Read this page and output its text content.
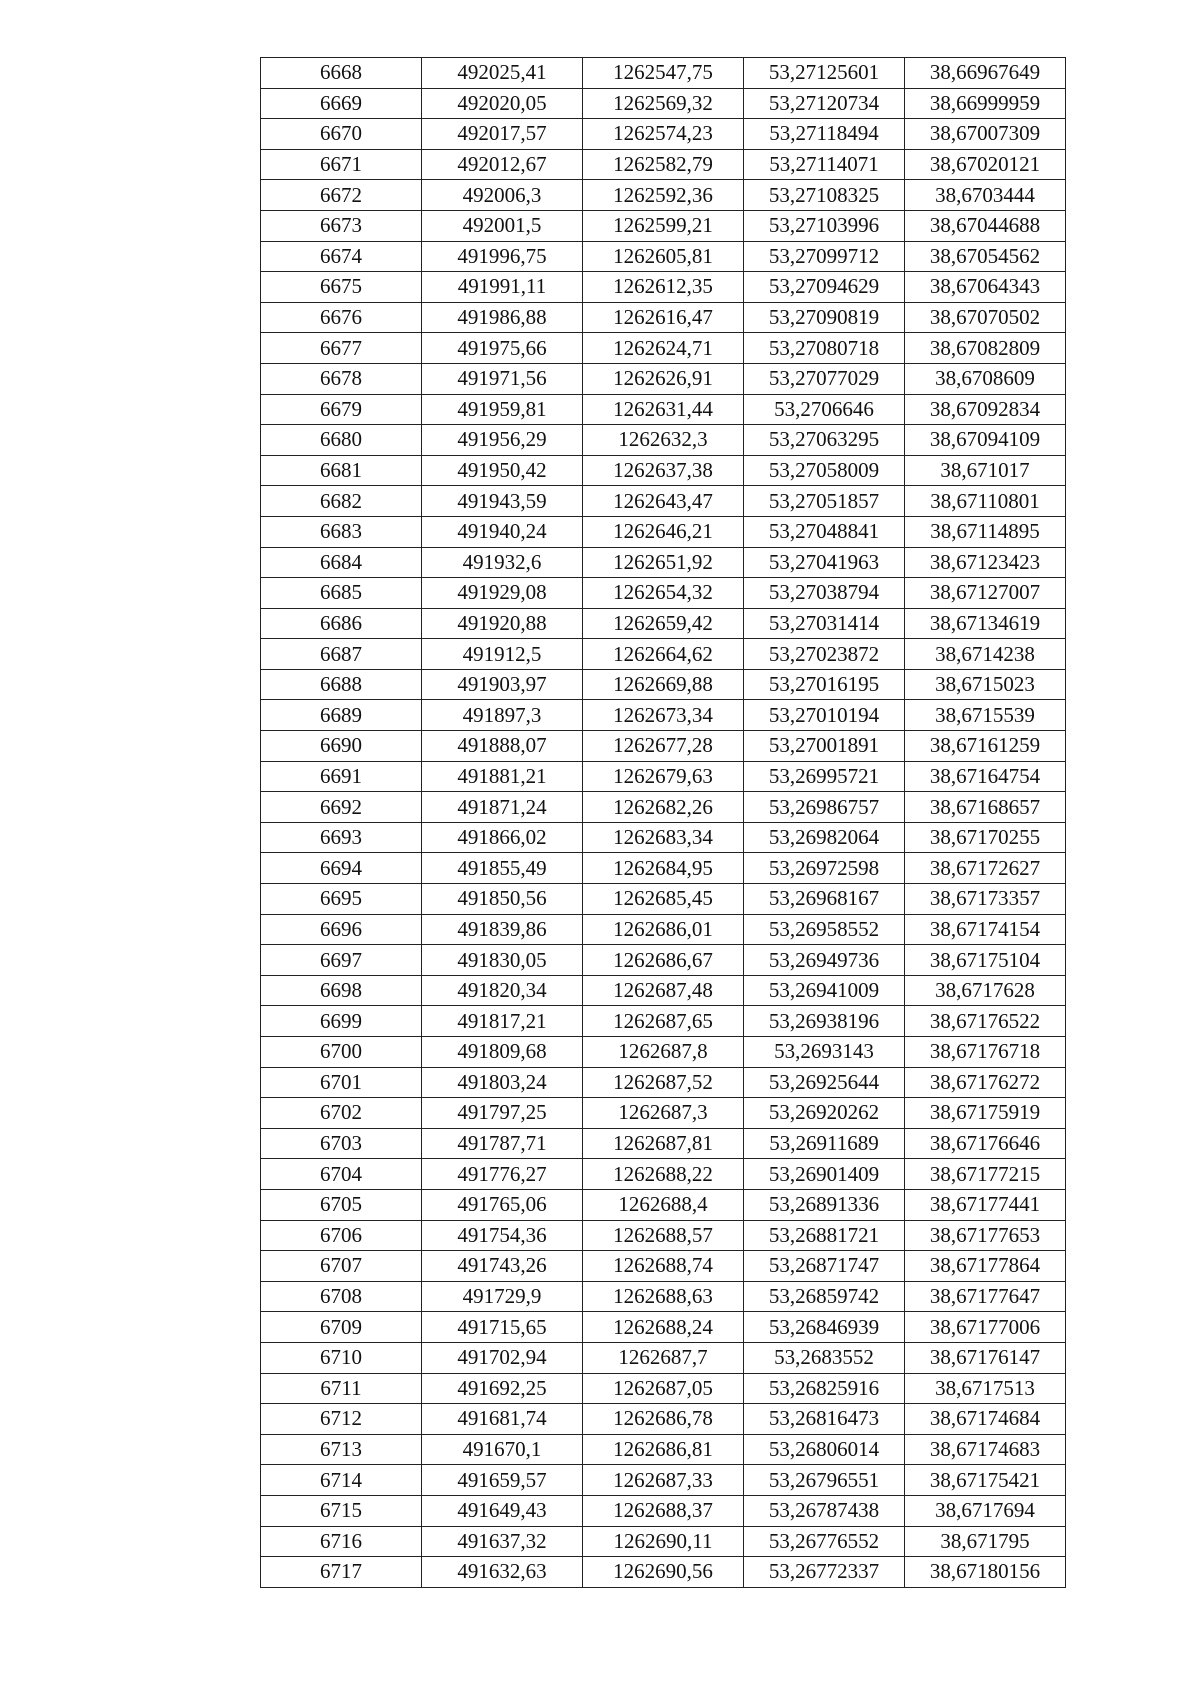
6668	492025,41	1262547,75	53,27125601	38,66967649
6669	492020,05	1262569,32	53,27120734	38,66999959
6670	492017,57	1262574,23	53,27118494	38,67007309
6671	492012,67	1262582,79	53,27114071	38,67020121
6672	492006,3	1262592,36	53,27108325	38,6703444
6673	492001,5	1262599,21	53,27103996	38,67044688
6674	491996,75	1262605,81	53,27099712	38,67054562
6675	491991,11	1262612,35	53,27094629	38,67064343
6676	491986,88	1262616,47	53,27090819	38,67070502
6677	491975,66	1262624,71	53,27080718	38,67082809
6678	491971,56	1262626,91	53,27077029	38,6708609
6679	491959,81	1262631,44	53,2706646	38,67092834
6680	491956,29	1262632,3	53,27063295	38,67094109
6681	491950,42	1262637,38	53,27058009	38,671017
6682	491943,59	1262643,47	53,27051857	38,67110801
6683	491940,24	1262646,21	53,27048841	38,67114895
6684	491932,6	1262651,92	53,27041963	38,67123423
6685	491929,08	1262654,32	53,27038794	38,67127007
6686	491920,88	1262659,42	53,27031414	38,67134619
6687	491912,5	1262664,62	53,27023872	38,6714238
6688	491903,97	1262669,88	53,27016195	38,6715023
6689	491897,3	1262673,34	53,27010194	38,6715539
6690	491888,07	1262677,28	53,27001891	38,67161259
6691	491881,21	1262679,63	53,26995721	38,67164754
6692	491871,24	1262682,26	53,26986757	38,67168657
6693	491866,02	1262683,34	53,26982064	38,67170255
6694	491855,49	1262684,95	53,26972598	38,67172627
6695	491850,56	1262685,45	53,26968167	38,67173357
6696	491839,86	1262686,01	53,26958552	38,67174154
6697	491830,05	1262686,67	53,26949736	38,67175104
6698	491820,34	1262687,48	53,26941009	38,6717628
6699	491817,21	1262687,65	53,26938196	38,67176522
6700	491809,68	1262687,8	53,2693143	38,67176718
6701	491803,24	1262687,52	53,26925644	38,67176272
6702	491797,25	1262687,3	53,26920262	38,67175919
6703	491787,71	1262687,81	53,26911689	38,67176646
6704	491776,27	1262688,22	53,26901409	38,67177215
6705	491765,06	1262688,4	53,26891336	38,67177441
6706	491754,36	1262688,57	53,26881721	38,67177653
6707	491743,26	1262688,74	53,26871747	38,67177864
6708	491729,9	1262688,63	53,26859742	38,67177647
6709	491715,65	1262688,24	53,26846939	38,67177006
6710	491702,94	1262687,7	53,2683552	38,67176147
6711	491692,25	1262687,05	53,26825916	38,6717513
6712	491681,74	1262686,78	53,26816473	38,67174684
6713	491670,1	1262686,81	53,26806014	38,67174683
6714	491659,57	1262687,33	53,26796551	38,67175421
6715	491649,43	1262688,37	53,26787438	38,6717694
6716	491637,32	1262690,11	53,26776552	38,671795
6717	491632,63	1262690,56	53,26772337	38,67180156
